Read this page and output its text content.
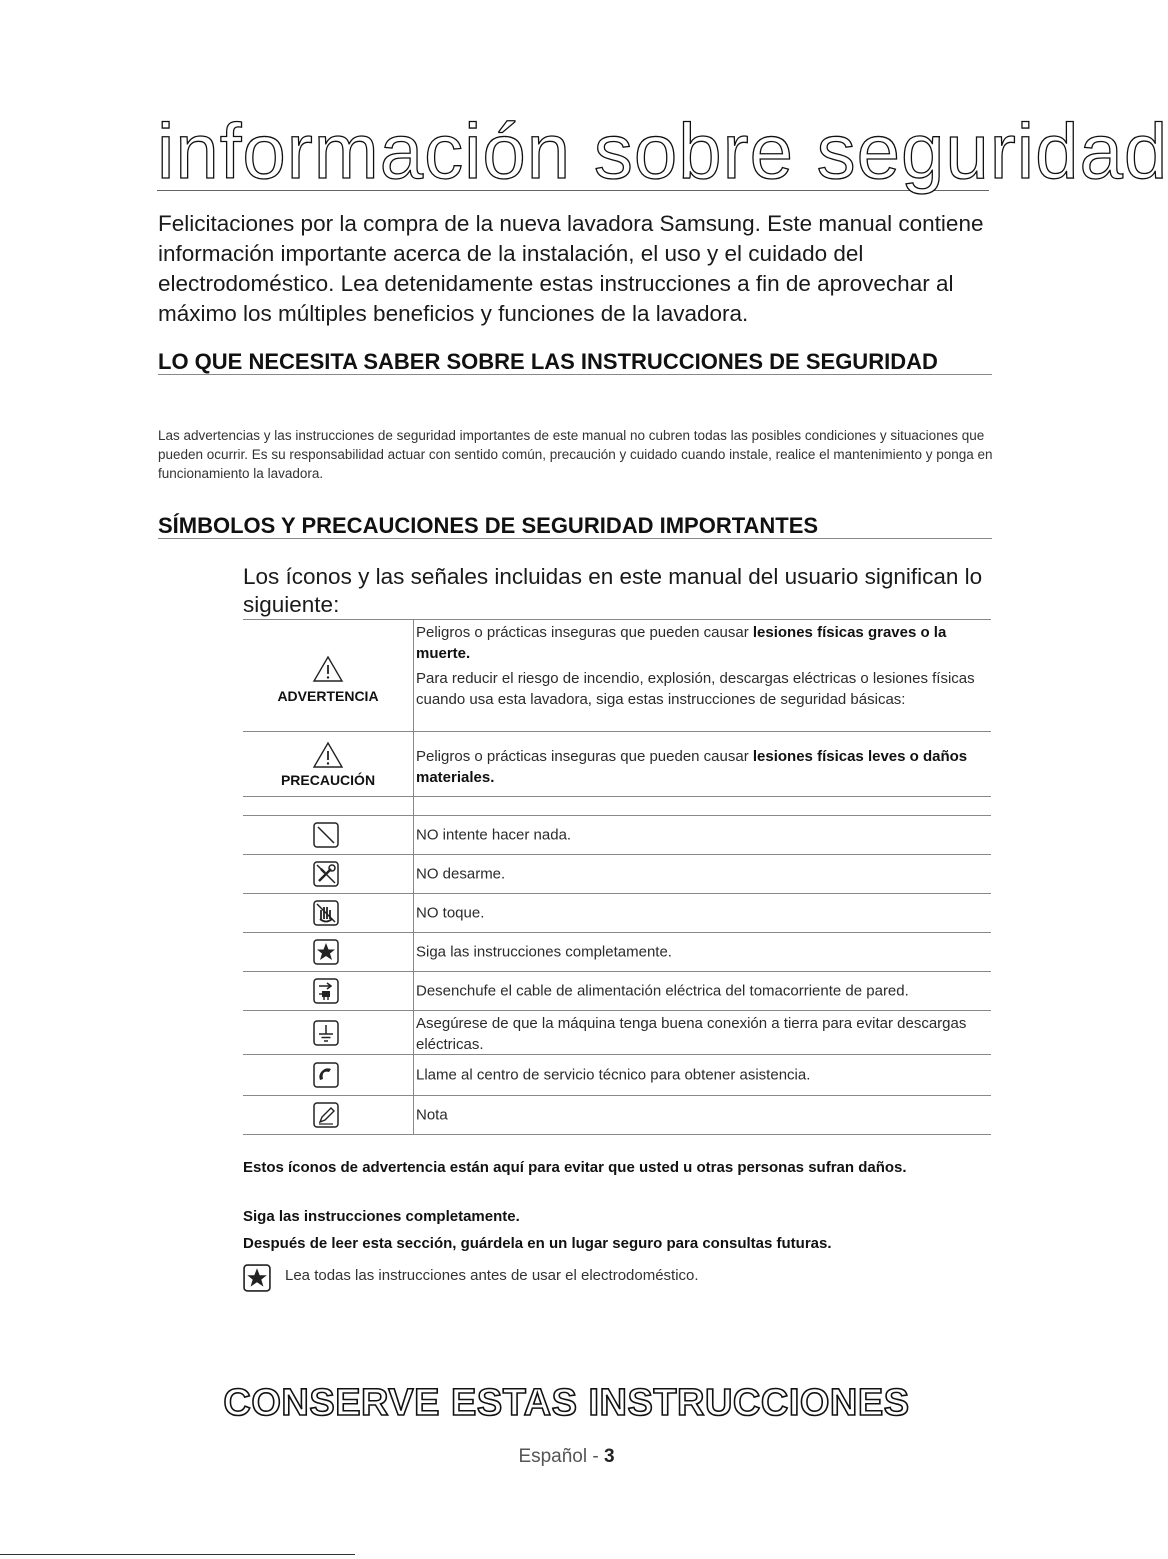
información sobre seguridad

Felicitaciones por la compra de la nueva lavadora Samsung. Este manual contiene información importante acerca de la instalación, el uso y el cuidado del electrodoméstico. Lea detenidamente estas instrucciones a fin de aprovechar al máximo los múltiples beneficios y funciones de la lavadora.

LO QUE NECESITA SABER SOBRE LAS INSTRUCCIONES DE SEGURIDAD

Las advertencias y las instrucciones de seguridad importantes de este manual no cubren todas las posibles condiciones y situaciones que pueden ocurrir. Es su responsabilidad actuar con sentido común, precaución y cuidado cuando instale, realice el mantenimiento y ponga en funcionamiento la lavadora.

SÍMBOLOS Y PRECAUCIONES DE SEGURIDAD IMPORTANTES

Los íconos y las señales incluidas en este manual del usuario significan lo siguiente:

ADVERTENCIA

Peligros o prácticas inseguras que pueden causar lesiones físicas graves o la muerte.

Para reducir el riesgo de incendio, explosión, descargas eléctricas o lesiones físicas cuando usa esta lavadora, siga estas instrucciones de seguridad básicas:

PRECAUCIÓN

Peligros o prácticas inseguras que pueden causar lesiones físicas leves o daños materiales.

NO intente hacer nada.
NO desarme.
NO toque.
Siga las instrucciones completamente.
Desenchufe el cable de alimentación eléctrica del tomacorriente de pared.
Asegúrese de que la máquina tenga buena conexión a tierra para evitar descargas eléctricas.
Llame al centro de servicio técnico para obtener asistencia.
Nota

Estos íconos de advertencia están aquí para evitar que usted u otras personas sufran daños.

Siga las instrucciones completamente.

Después de leer esta sección, guárdela en un lugar seguro para consultas futuras.

Lea todas las instrucciones antes de usar el electrodoméstico.
CONSERVE ESTAS INSTRUCCIONES
Español - 3
